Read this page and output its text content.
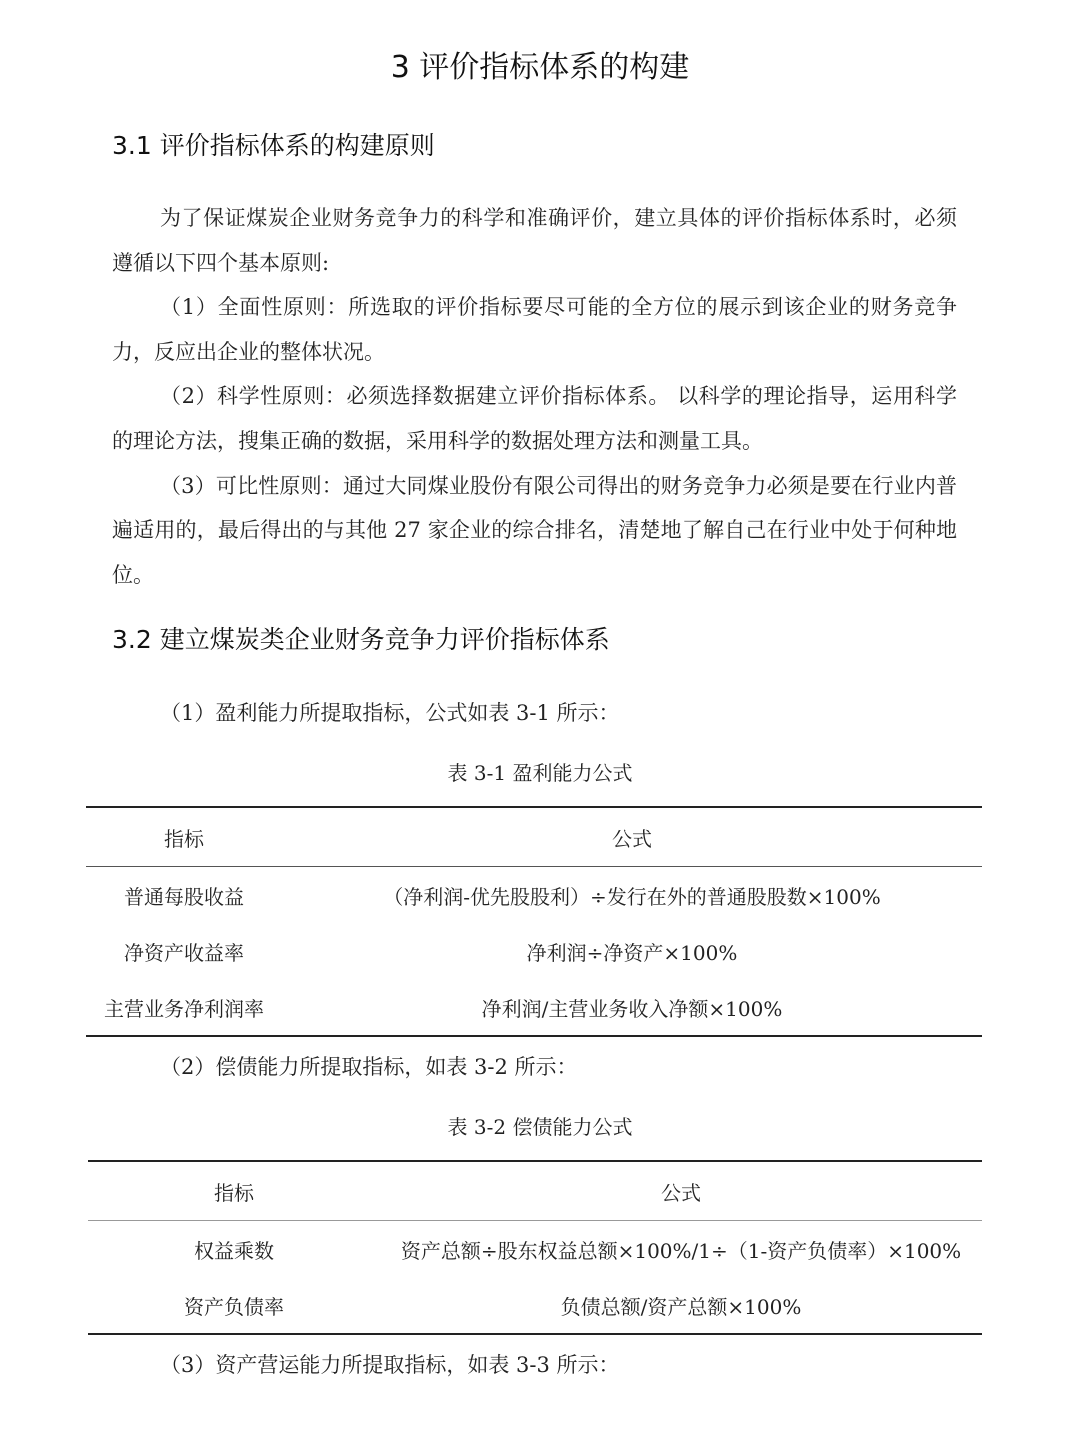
3 评价指标体系的构建
3.1 评价指标体系的构建原则

为了保证煤炭企业财务竞争力的科学和准确评价，建立具体的评价指标体系时，必须遵循以下四个基本原则:

（1）全面性原则：所选取的评价指标要尽可能的全方位的展示到该企业的财务竞争力，反应出企业的整体状况。

（2）科学性原则：必须选择数据建立评价指标体系。 以科学的理论指导，运用科学的理论方法，搜集正确的数据，采用科学的数据处理方法和测量工具。

（3）可比性原则：通过大同煤业股份有限公司得出的财务竞争力必须是要在行业内普遍适用的，最后得出的与其他 27 家企业的综合排名，清楚地了解自己在行业中处于何种地位。

3.2 建立煤炭类企业财务竞争力评价指标体系
（1）盈利能力所提取指标，公式如表 3-1 所示：
表 3-1 盈利能力公式
指标	公式
普通每股收益	（净利润-优先股股利）÷发行在外的普通股股数×100%
净资产收益率	净利润÷净资产×100%
主营业务净利润率	净利润/主营业务收入净额×100%
（2）偿债能力所提取指标，如表 3-2 所示：
表 3-2 偿债能力公式
指标	公式
权益乘数	资产总额÷股东权益总额×100%/1÷（1-资产负债率）×100%
资产负债率	负债总额/资产总额×100%
（3）资产营运能力所提取指标，如表 3-3 所示：
